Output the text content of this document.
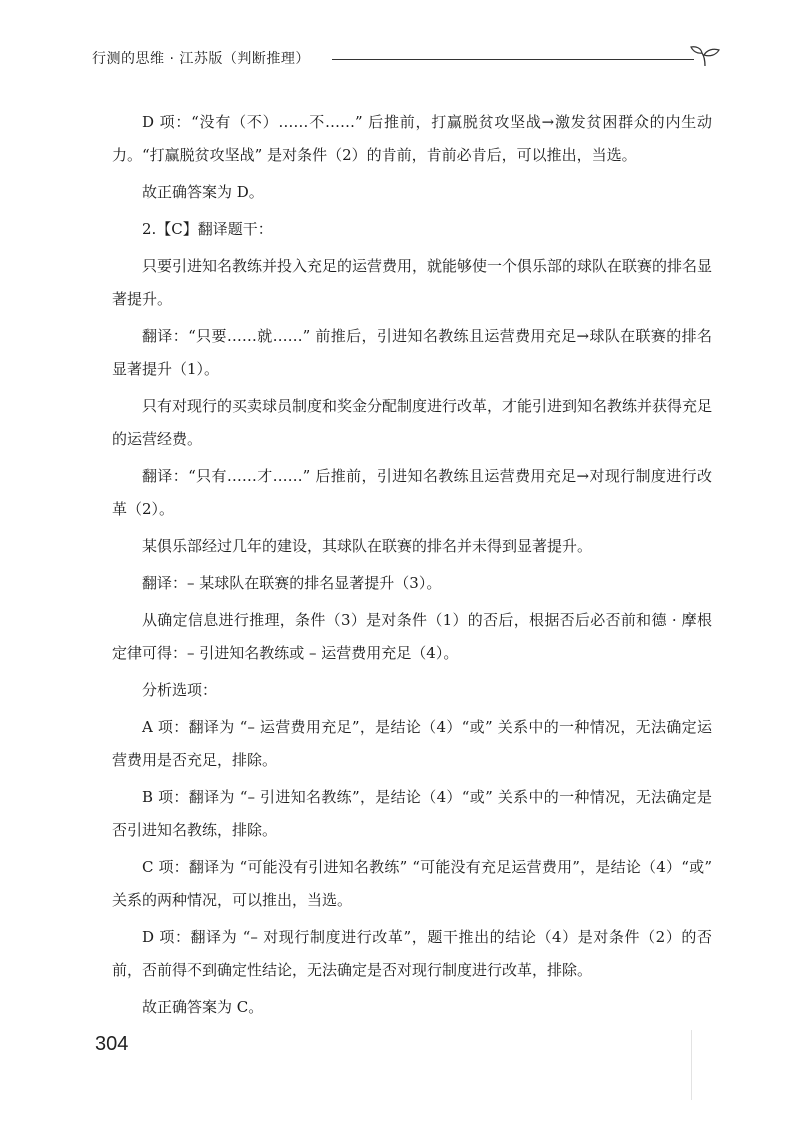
行测的思维 · 江苏版（判断推理）

D 项：“没有（不）……不……” 后推前，打赢脱贫攻坚战→激发贫困群众的内生动力。“打赢脱贫攻坚战” 是对条件（2）的肯前，肯前必肯后，可以推出，当选。

故正确答案为 D。

2.【C】翻译题干：

只要引进知名教练并投入充足的运营费用，就能够使一个俱乐部的球队在联赛的排名显著提升。

翻译：“只要……就……” 前推后，引进知名教练且运营费用充足→球队在联赛的排名显著提升（1）。

只有对现行的买卖球员制度和奖金分配制度进行改革，才能引进到知名教练并获得充足的运营经费。

翻译：“只有……才……” 后推前，引进知名教练且运营费用充足→对现行制度进行改革（2）。

某俱乐部经过几年的建设，其球队在联赛的排名并未得到显著提升。

翻译：– 某球队在联赛的排名显著提升（3）。

从确定信息进行推理，条件（3）是对条件（1）的否后，根据否后必否前和德 · 摩根定律可得：– 引进知名教练或 – 运营费用充足（4）。

分析选项：

A 项：翻译为 “– 运营费用充足”，是结论（4）“或” 关系中的一种情况，无法确定运营费用是否充足，排除。

B 项：翻译为 “– 引进知名教练”，是结论（4）“或” 关系中的一种情况，无法确定是否引进知名教练，排除。

C 项：翻译为 “可能没有引进知名教练” “可能没有充足运营费用”，是结论（4）“或” 关系的两种情况，可以推出，当选。

D 项：翻译为 “– 对现行制度进行改革”，题干推出的结论（4）是对条件（2）的否前，否前得不到确定性结论，无法确定是否对现行制度进行改革，排除。

故正确答案为 C。

304
